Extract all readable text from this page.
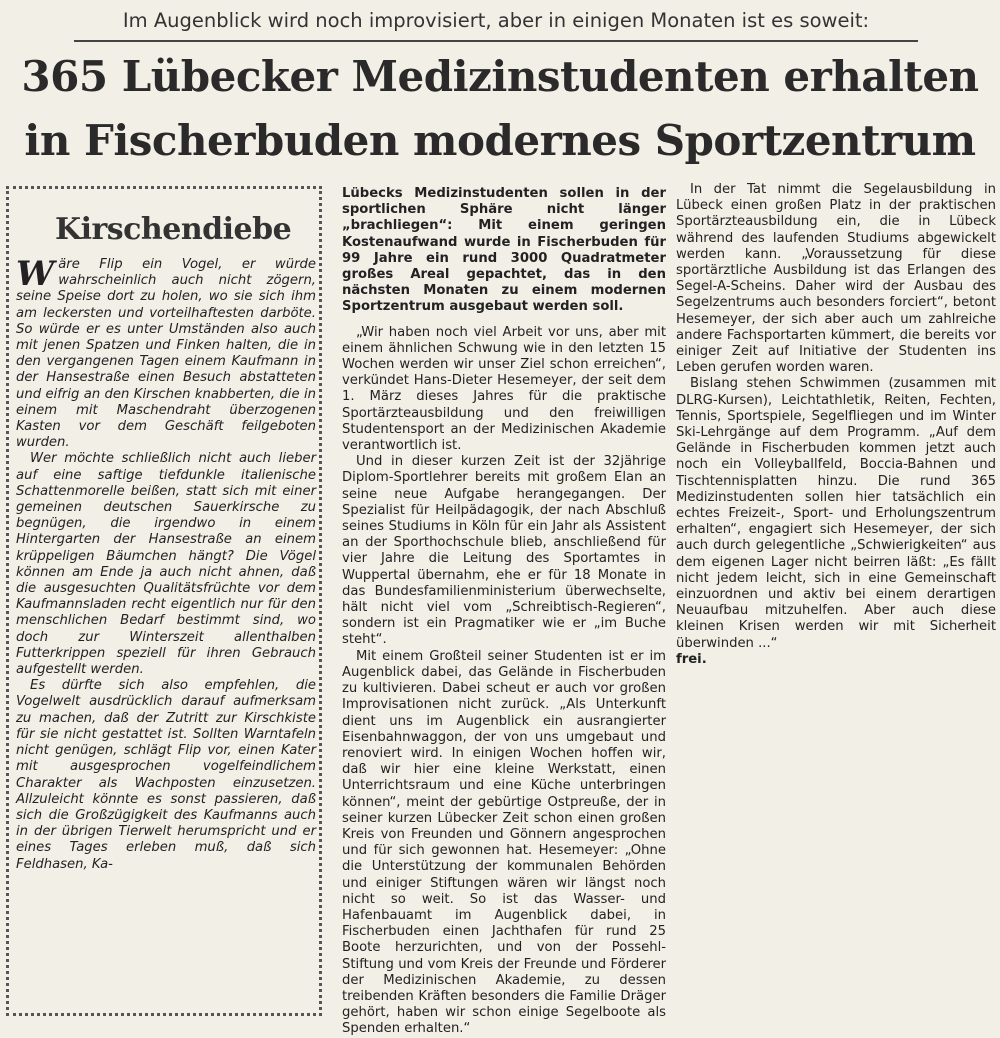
Im Augenblick wird noch improvisiert, aber in einigen Monaten ist es soweit:
365 Lübecker Medizinstudenten erhalten
in Fischerbuden modernes Sportzentrum
Kirschendiebe

Wäre Flip ein Vogel, er würde wahrscheinlich auch nicht zögern, seine Speise dort zu holen, wo sie sich ihm am leckersten und vorteilhaftesten darböte. So würde er es unter Umständen also auch mit jenen Spatzen und Finken halten, die in den vergangenen Tagen einem Kaufmann in der Hansestraße einen Besuch abstatteten und eifrig an den Kirschen knabberten, die in einem mit Maschendraht überzogenen Kasten vor dem Geschäft feilgeboten wurden.

Wer möchte schließlich nicht auch lieber auf eine saftige tiefdunkle italienische Schattenmorelle beißen, statt sich mit einer gemeinen deutschen Sauerkirsche zu begnügen, die irgendwo in einem Hintergarten der Hansestraße an einem krüppeligen Bäumchen hängt? Die Vögel können am Ende ja auch nicht ahnen, daß die ausgesuchten Qualitätsfrüchte vor dem Kaufmannsladen recht eigentlich nur für den menschlichen Bedarf bestimmt sind, wo doch zur Winterszeit allenthalben Futterkrippen speziell für ihren Gebrauch aufgestellt werden.

Es dürfte sich also empfehlen, die Vogelwelt ausdrücklich darauf aufmerksam zu machen, daß der Zutritt zur Kirschkiste für sie nicht gestattet ist. Sollten Warntafeln nicht genügen, schlägt Flip vor, einen Kater mit ausgesprochen vogelfeindlichem Charakter als Wachposten einzusetzen. Allzuleicht könnte es sonst passieren, daß sich die Großzügigkeit des Kaufmanns auch in der übrigen Tierwelt herumspricht und er eines Tages erleben muß, daß sich Feldhasen, Ka-

Lübecks Medizinstudenten sollen in der sportlichen Sphäre nicht länger „brachliegen“: Mit einem geringen Kostenaufwand wurde in Fischerbuden für 99 Jahre ein rund 3000 Quadratmeter großes Areal gepachtet, das in den nächsten Monaten zu einem modernen Sportzentrum ausgebaut werden soll.

„Wir haben noch viel Arbeit vor uns, aber mit einem ähnlichen Schwung wie in den letzten 15 Wochen werden wir unser Ziel schon erreichen“, verkündet Hans-Dieter Hesemeyer, der seit dem 1. März dieses Jahres für die praktische Sportärzteausbildung und den freiwilligen Studentensport an der Medizinischen Akademie verantwortlich ist.

Und in dieser kurzen Zeit ist der 32jährige Diplom-Sportlehrer bereits mit großem Elan an seine neue Aufgabe herangegangen. Der Spezialist für Heilpädagogik, der nach Abschluß seines Studiums in Köln für ein Jahr als Assistent an der Sporthochschule blieb, anschließend für vier Jahre die Leitung des Sportamtes in Wuppertal übernahm, ehe er für 18 Monate in das Bundesfamilienministerium überwechselte, hält nicht viel vom „Schreibtisch-Regieren“, sondern ist ein Pragmatiker wie er „im Buche steht“.

Mit einem Großteil seiner Studenten ist er im Augenblick dabei, das Gelände in Fischerbuden zu kultivieren. Dabei scheut er auch vor großen Improvisationen nicht zurück. „Als Unterkunft dient uns im Augenblick ein ausrangierter Eisenbahnwaggon, der von uns umgebaut und renoviert wird. In einigen Wochen hoffen wir, daß wir hier eine kleine Werkstatt, einen Unterrichtsraum und eine Küche unterbringen können“, meint der gebürtige Ostpreuße, der in seiner kurzen Lübecker Zeit schon einen großen Kreis von Freunden und Gönnern angesprochen und für sich gewonnen hat. Hesemeyer: „Ohne die Unterstützung der kommunalen Behörden und einiger Stiftungen wären wir längst noch nicht so weit. So ist das Wasser- und Hafenbauamt im Augenblick dabei, in Fischerbuden einen Jachthafen für rund 25 Boote herzurichten, und von der Possehl-Stiftung und vom Kreis der Freunde und Förderer der Medizinischen Akademie, zu dessen treibenden Kräften besonders die Familie Dräger gehört, haben wir schon einige Segelboote als Spenden erhalten.“

In der Tat nimmt die Segelausbildung in Lübeck einen großen Platz in der praktischen Sportärzteausbildung ein, die in Lübeck während des laufenden Studiums abgewickelt werden kann. „Voraussetzung für diese sportärztliche Ausbildung ist das Erlangen des Segel-A-Scheins. Daher wird der Ausbau des Segelzentrums auch besonders forciert“, betont Hesemeyer, der sich aber auch um zahlreiche andere Fachsportarten kümmert, die bereits vor einiger Zeit auf Initiative der Studenten ins Leben gerufen worden waren.

Bislang stehen Schwimmen (zusammen mit DLRG-Kursen), Leichtathletik, Reiten, Fechten, Tennis, Sportspiele, Segelfliegen und im Winter Ski-Lehrgänge auf dem Programm. „Auf dem Gelände in Fischerbuden kommen jetzt auch noch ein Volleyballfeld, Boccia-Bahnen und Tischtennisplatten hinzu. Die rund 365 Medizinstudenten sollen hier tatsächlich ein echtes Freizeit-, Sport- und Erholungszentrum erhalten“, engagiert sich Hesemeyer, der sich auch durch gelegentliche „Schwierigkeiten“ aus dem eigenen Lager nicht beirren läßt: „Es fällt nicht jedem leicht, sich in eine Gemeinschaft einzuordnen und aktiv bei einem derartigen Neuaufbau mitzuhelfen. Aber auch diese kleinen Krisen werden wir mit Sicherheit überwinden ...“

frei.
